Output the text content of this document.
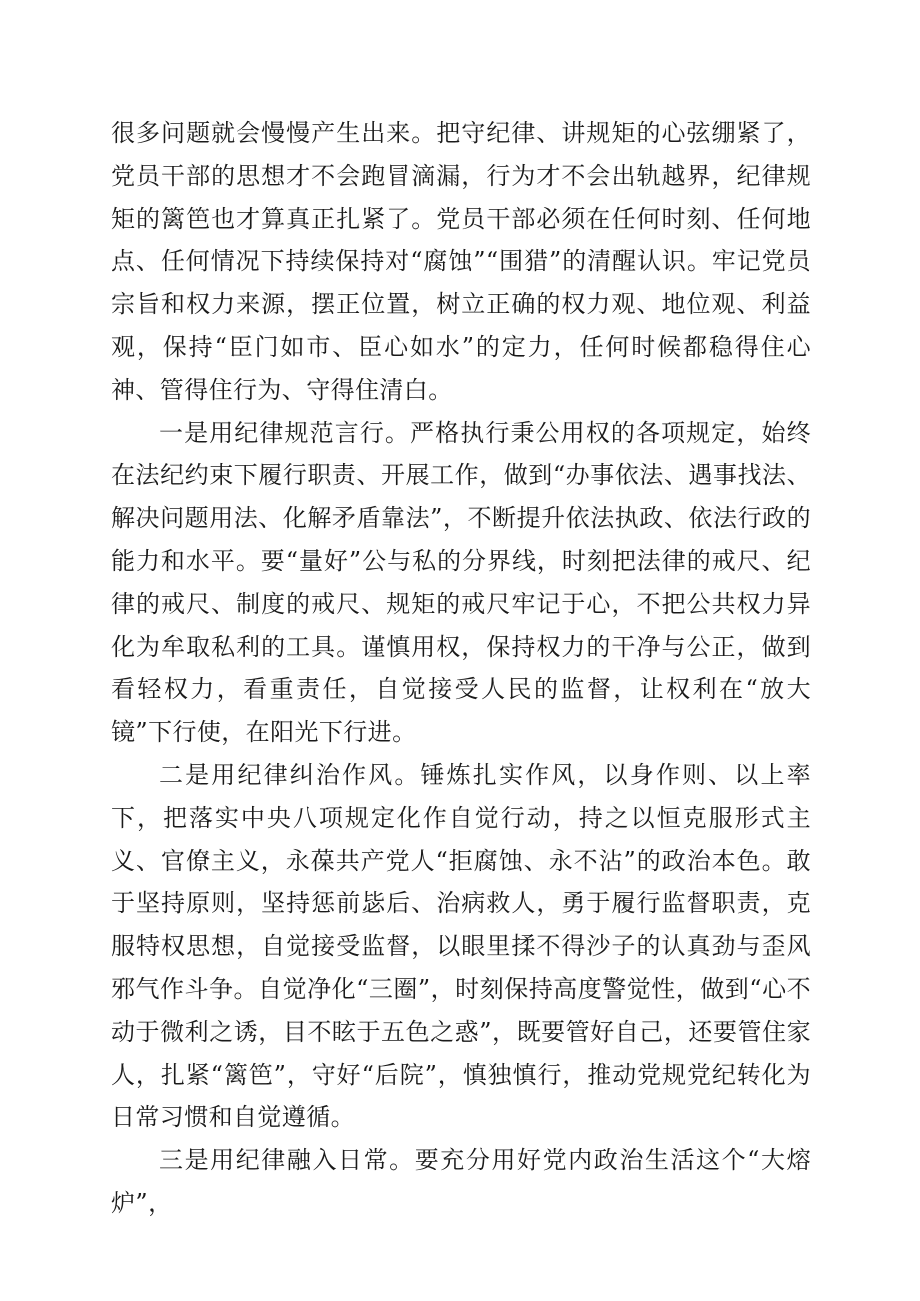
很多问题就会慢慢产生出来。把守纪律、讲规矩的心弦绷紧了，党员干部的思想才不会跑冒滴漏，行为才不会出轨越界，纪律规矩的篱笆也才算真正扎紧了。党员干部必须在任何时刻、任何地点、任何情况下持续保持对“腐蚀”“围猎”的清醒认识。牢记党员宗旨和权力来源，摆正位置，树立正确的权力观、地位观、利益观，保持“臣门如市、臣心如水”的定力，任何时候都稳得住心神、管得住行为、守得住清白。

一是用纪律规范言行。严格执行秉公用权的各项规定，始终在法纪约束下履行职责、开展工作，做到“办事依法、遇事找法、解决问题用法、化解矛盾靠法”，不断提升依法执政、依法行政的能力和水平。要“量好”公与私的分界线，时刻把法律的戒尺、纪律的戒尺、制度的戒尺、规矩的戒尺牢记于心，不把公共权力异化为牟取私利的工具。谨慎用权，保持权力的干净与公正，做到看轻权力，看重责任，自觉接受人民的监督，让权利在“放大镜”下行使，在阳光下行进。

二是用纪律纠治作风。锤炼扎实作风，以身作则、以上率下，把落实中央八项规定化作自觉行动，持之以恒克服形式主义、官僚主义，永葆共产党人“拒腐蚀、永不沾”的政治本色。敢于坚持原则，坚持惩前毖后、治病救人，勇于履行监督职责，克服特权思想，自觉接受监督，以眼里揉不得沙子的认真劲与歪风邪气作斗争。自觉净化“三圈”，时刻保持高度警觉性，做到“心不动于微利之诱，目不眩于五色之惑”，既要管好自己，还要管住家人，扎紧“篱笆”，守好“后院”，慎独慎行，推动党规党纪转化为日常习惯和自觉遵循。

三是用纪律融入日常。要充分用好党内政治生活这个“大熔炉”，
